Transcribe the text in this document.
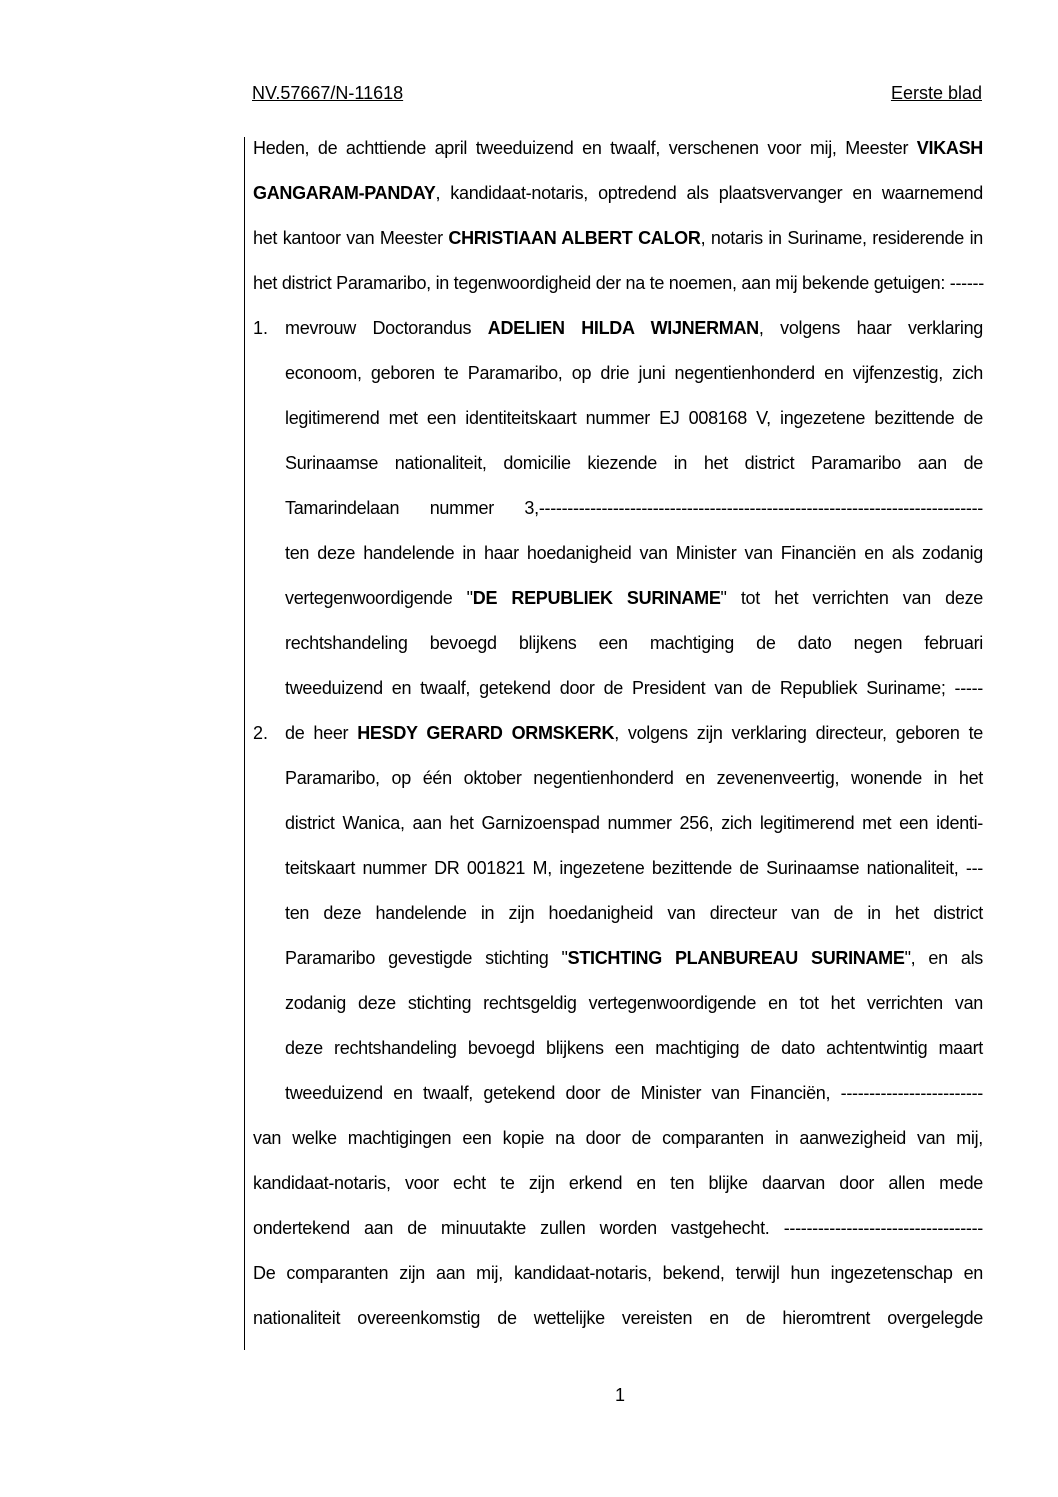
NV.57667/N-11618	Eerste blad
Heden, de achttiende april tweeduizend en twaalf, verschenen voor mij, Meester VIKASH
GANGARAM-PANDAY, kandidaat-notaris, optredend als plaatsvervanger en waarnemend
het kantoor van Meester CHRISTIAAN ALBERT CALOR, notaris in Suriname, residerende in
het district Paramaribo, in tegenwoordigheid der na te noemen, aan mij bekende getuigen: ------
1. mevrouw Doctorandus ADELIEN HILDA WIJNERMAN, volgens haar verklaring
econoom, geboren te Paramaribo, op drie juni negentienhonderd en vijfenzestig, zich
legitimerend met een identiteitskaart nummer EJ 008168 V, ingezetene bezittende de
Surinaamse nationaliteit, domicilie kiezende in het district Paramaribo aan de
Tamarindelaan nummer 3,------------------------------------------------------------------------------
ten deze handelende in haar hoedanigheid van Minister van Financiën en als zodanig
vertegenwoordigende "DE REPUBLIEK SURINAME" tot het verrichten van deze
rechtshandeling bevoegd blijkens een machtiging de dato negen februari
tweeduizend en twaalf, getekend door de President van de Republiek Suriname; -----
2. de heer HESDY GERARD ORMSKERK, volgens zijn verklaring directeur, geboren te
Paramaribo, op één oktober negentienhonderd en zevenenveertig, wonende in het
district Wanica, aan het Garnizoenspad nummer 256, zich legitimerend met een identi-
teitskaart nummer DR 001821 M, ingezetene bezittende de Surinaamse nationaliteit, ---
ten deze handelende in zijn hoedanigheid van directeur van de in het district
Paramaribo gevestigde stichting "STICHTING PLANBUREAU SURINAME", en als
zodanig deze stichting rechtsgeldig vertegenwoordigende en tot het verrichten van
deze rechtshandeling bevoegd blijkens een machtiging de dato achtentwintig maart
tweeduizend en twaalf, getekend door de Minister van Financiën, -------------------------
van welke machtigingen een kopie na door de comparanten in aanwezigheid van mij,
kandidaat-notaris, voor echt te zijn erkend en ten blijke daarvan door allen mede
ondertekend aan de minuutakte zullen worden vastgehecht. -----------------------------------
De comparanten zijn aan mij, kandidaat-notaris, bekend, terwijl hun ingezetenschap en
nationaliteit overeenkomstig de wettelijke vereisten en de hieromtrent overgelegde
1
